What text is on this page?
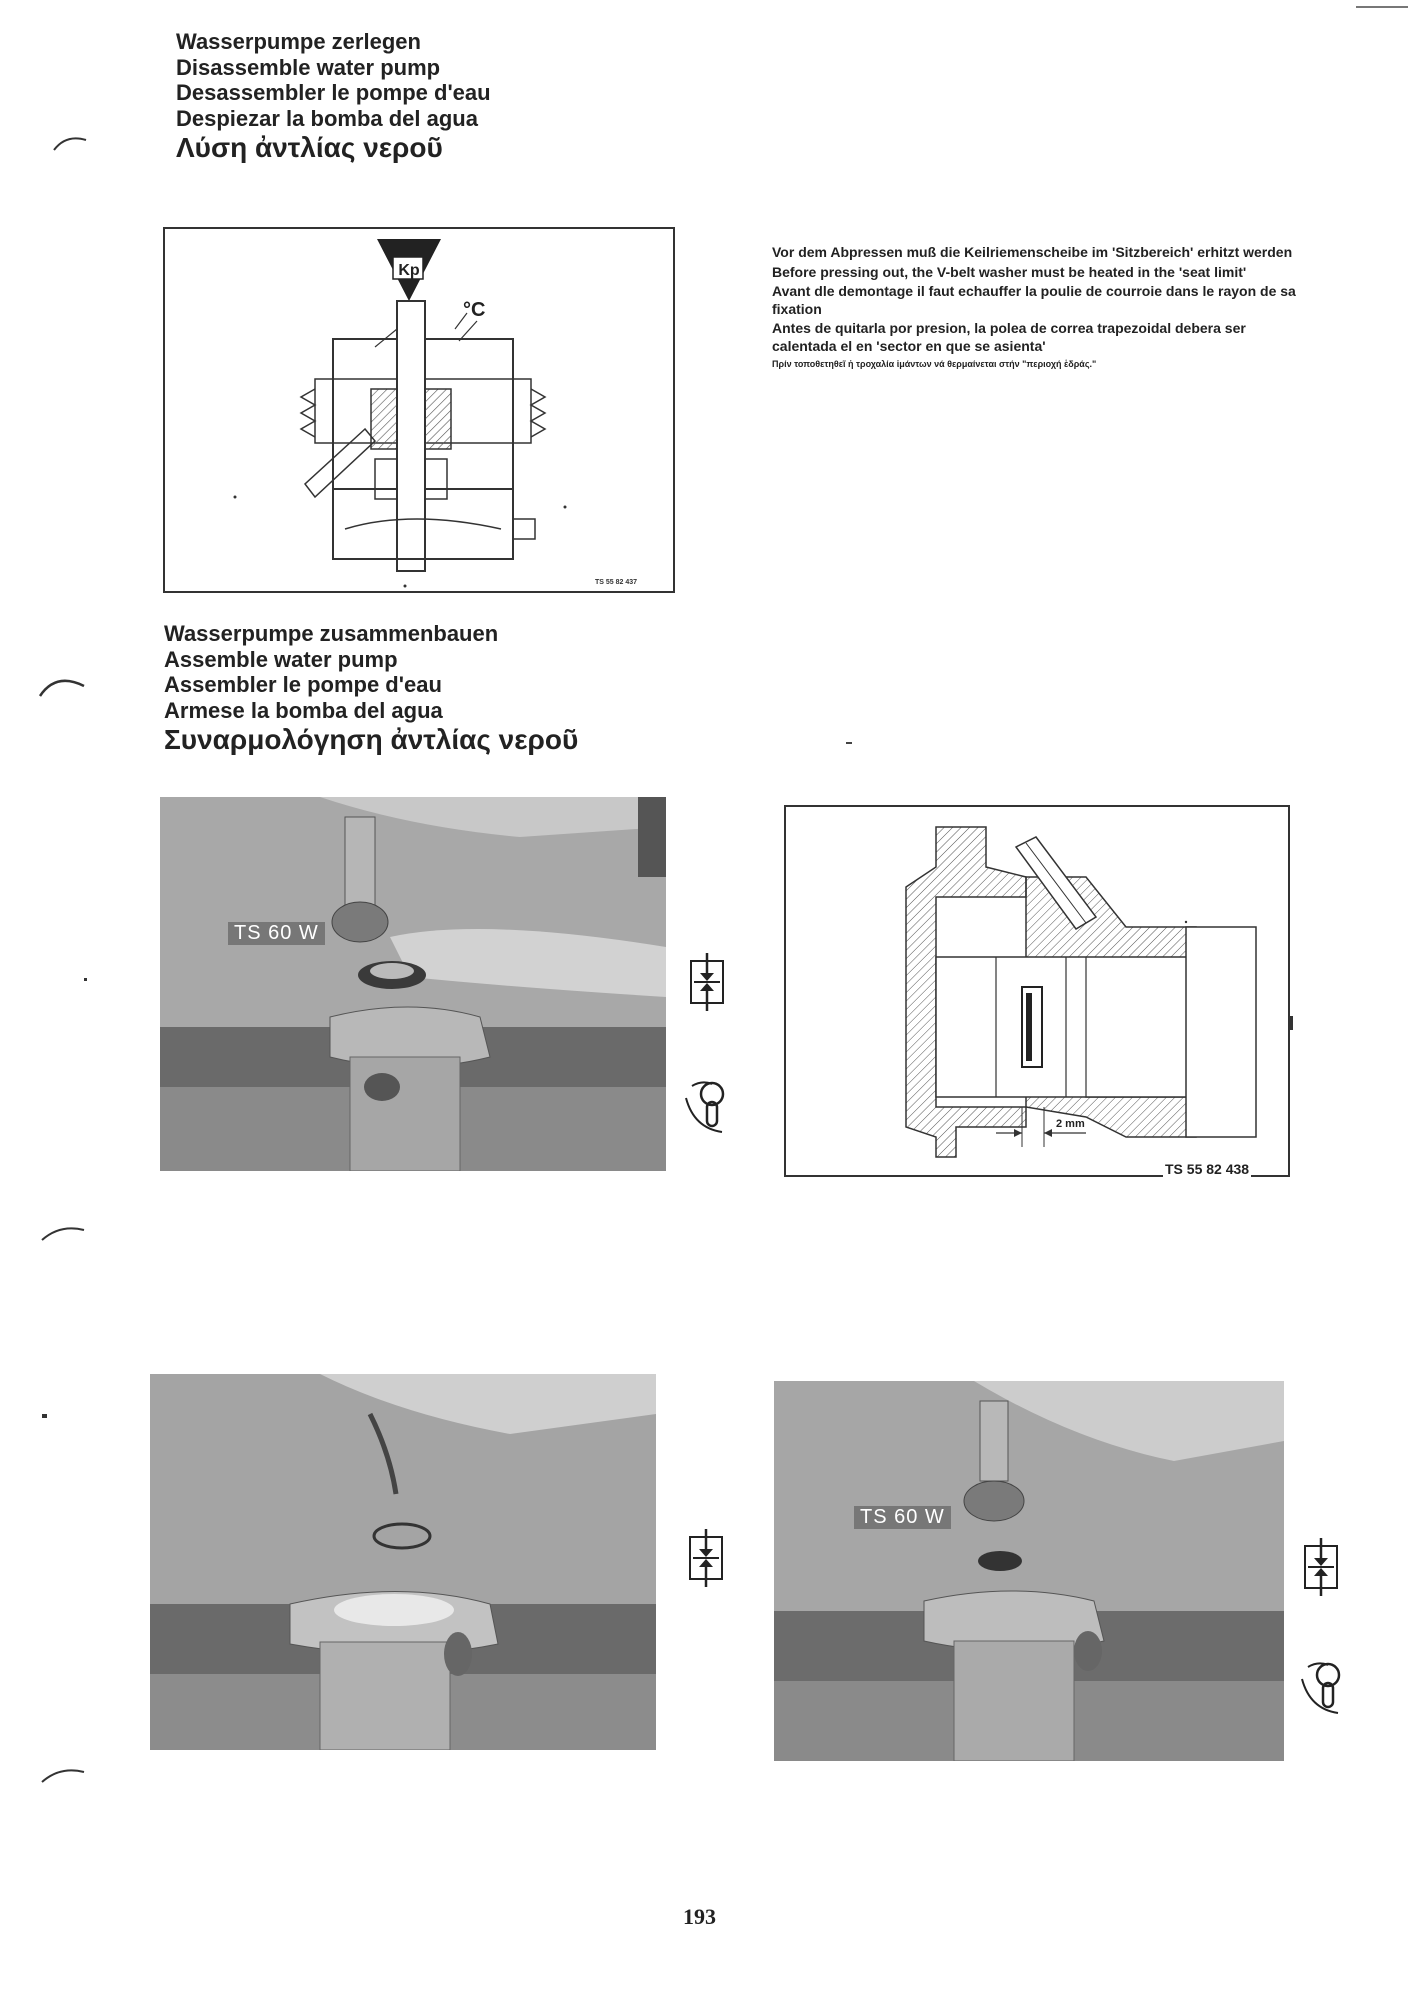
Wasserpumpe zerlegen
Disassemble water pump
Desassembler le pompe d'eau
Despiezar la bomba del agua
Λύση ἀντλίας νεροῦ
Kp
°C
TS 55 82 437
Vor dem Abpressen muß die Keilriemenscheibe im 'Sitzbereich' erhitzt werden
Before pressing out, the V-belt washer must be heated in the 'seat limit'
Avant dle demontage il faut echauffer la poulie de courroie dans le rayon de sa fixation
Antes de quitarla por presion, la polea de correa trapezoidal debera ser calentada el en 'sector en que se asienta'
Πρίν τοποθετηθεῖ ἡ τροχαλία ἱμάντων νά θερμαίνεται στήν "περιοχή ἑδράς."
Wasserpumpe zusammenbauen
Assemble water pump
Assembler le pompe d'eau
Armese la bomba del agua
Συναρμολόγηση ἀντλίας νεροῦ
TS 60 W
2 mm
TS 55 82 438
TS 60 W
193
